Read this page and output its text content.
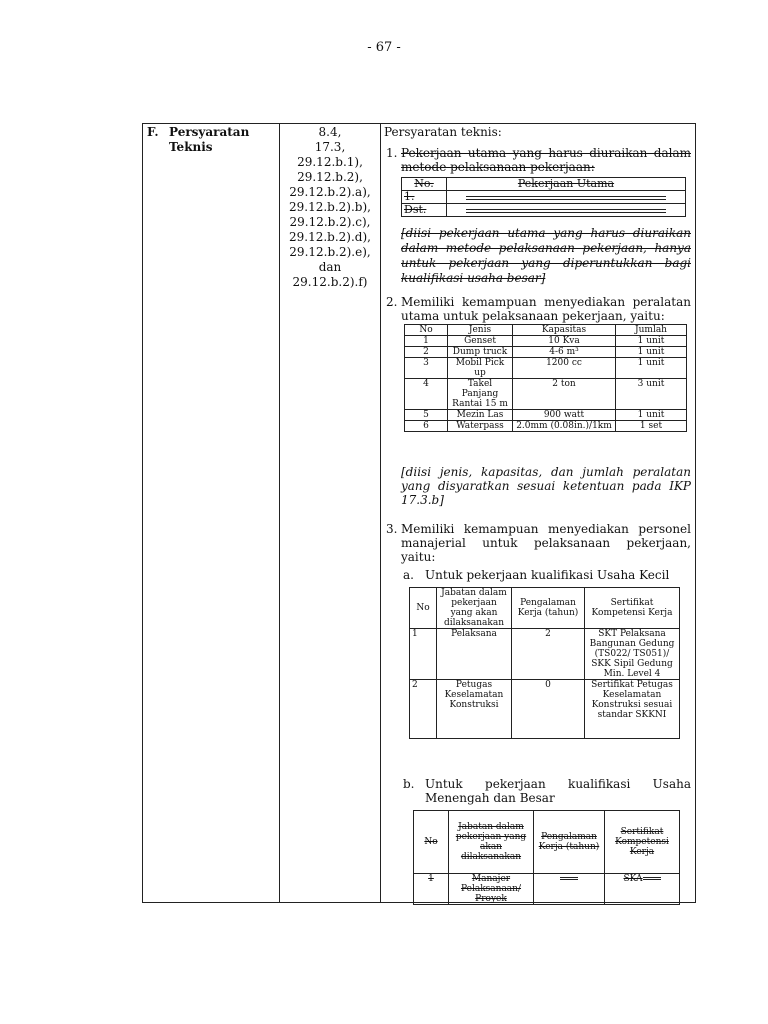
- 67 -
F. Persyaratan
Teknis
8.4,
17.3,
29.12.b.1),
29.12.b.2),
29.12.b.2).a),
29.12.b.2).b),
29.12.b.2).c),
29.12.b.2).d),
29.12.b.2).e),
dan
29.12.b.2).f)
Persyaratan teknis:
1. Pekerjaan utama yang harus diuraikan dalam metode pelaksanaan pekerjaan:
No.	Pekerjaan Utama
1.	

Dst.	
[diisi pekerjaan utama yang harus diuraikan dalam metode pelaksanaan pekerjaan, hanya untuk pekerjaan yang diperuntukkan bagi kualifikasi usaha besar]
2. Memiliki kemampuan menyediakan peralatan utama untuk pelaksanaan pekerjaan, yaitu:
No	Jenis	Kapasitas	Jumlah
1	Genset	10 Kva	1 unit
2	Dump truck	4-6 m³	1 unit
3	Mobil Pick up	1200 cc	1 unit
4	Takel Panjang Rantai 15 m	2 ton	3 unit
5	Mezin Las	900 watt	1 unit
6	Waterpass	2.0mm (0.08in.)/1km	1 set
[diisi jenis, kapasitas, dan jumlah peralatan yang disyaratkan sesuai ketentuan pada IKP 17.3.b]
3. Memiliki kemampuan menyediakan personel manajerial untuk pelaksanaan pekerjaan, yaitu:
a. Untuk pekerjaan kualifikasi Usaha Kecil
No	Jabatan dalam pekerjaan yang akan dilaksanakan	Pengalaman Kerja (tahun)	Sertifikat Kompetensi Kerja
1	Pelaksana	2	SKT Pelaksana Bangunan Gedung (TS022/ TS051)/ SKK Sipil Gedung Min. Level 4
2	Petugas Keselamatan Konstruksi	0	Sertifikat Petugas Keselamatan Konstruksi sesuai standar SKKNI
b. Untuk pekerjaan kualifikasi Usaha Menengah dan Besar
No	Jabatan dalam pekerjaan yang akan dilaksanakan	Pengalaman Kerja (tahun)	Sertifikat Kompetensi Kerja
1	Manajer Pelaksanaan/ Proyek		SKA
